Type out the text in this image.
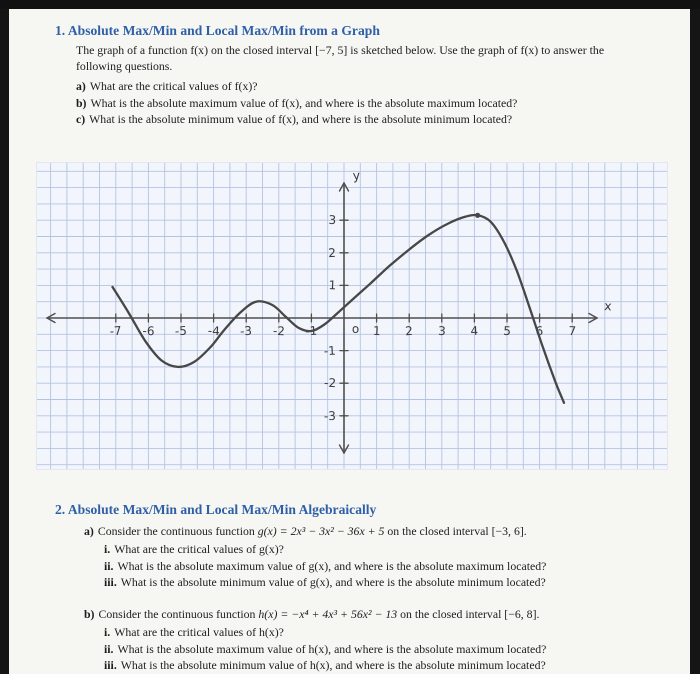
1. Absolute Max/Min and Local Max/Min from a Graph
The graph of a function f(x) on the closed interval [−7, 5] is sketched below. Use the graph of f(x) to answer the following questions.
a) What are the critical values of f(x)?
b) What is the absolute maximum value of f(x), and where is the absolute maximum located?
c) What is the absolute minimum value of f(x), and where is the absolute minimum located?
-7 -6 -5 -4 -3 -2 -1	1 2 3 4 5 6 7
3
2
1
-1
-2
-3
o
x
y
2. Absolute Max/Min and Local Max/Min Algebraically
a) Consider the continuous function g(x) = 2x³ − 3x² − 36x + 5 on the closed interval [−3, 6].
i. What are the critical values of g(x)?
ii. What is the absolute maximum value of g(x), and where is the absolute maximum located?
iii. What is the absolute minimum value of g(x), and where is the absolute minimum located?
b) Consider the continuous function h(x) = −x⁴ + 4x³ + 56x² − 13 on the closed interval [−6, 8].
i. What are the critical values of h(x)?
ii. What is the absolute maximum value of h(x), and where is the absolute maximum located?
iii. What is the absolute minimum value of h(x), and where is the absolute minimum located?
